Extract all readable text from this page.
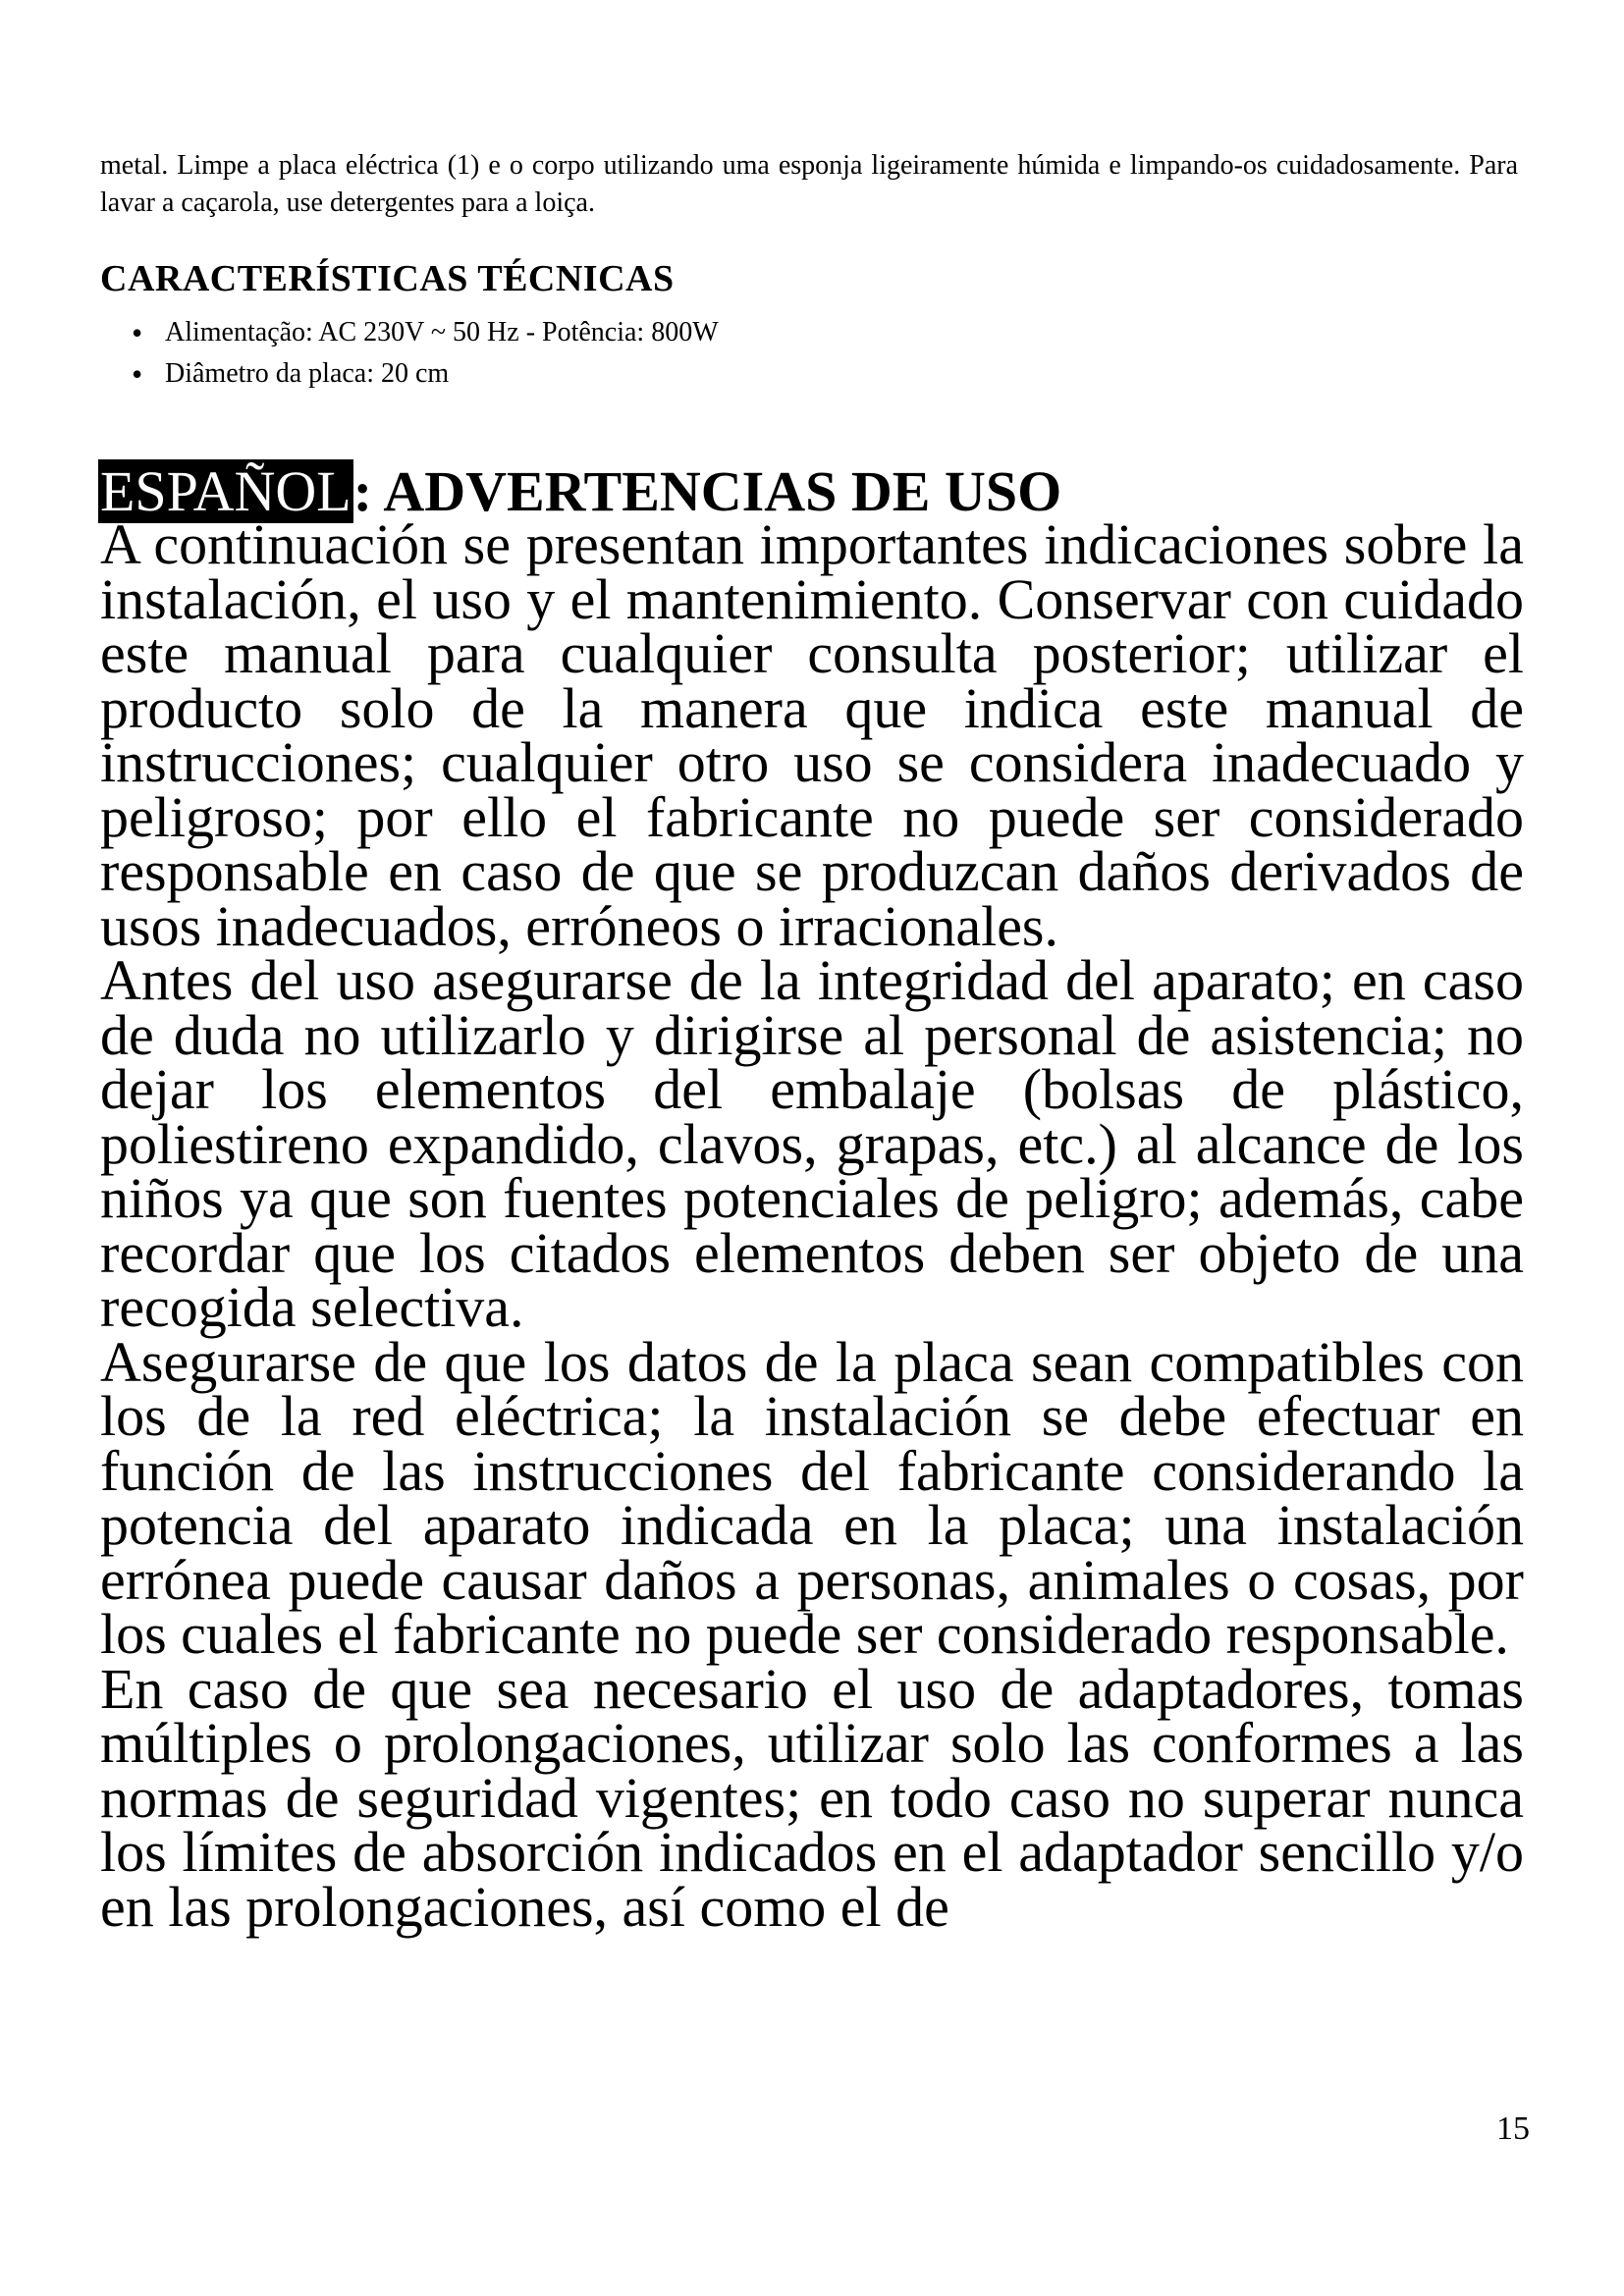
metal. Limpe a placa eléctrica (1) e o corpo utilizando uma esponja ligeiramente húmida e limpando-os cuidadosamente. Para lavar a caçarola, use detergentes para a loiça.

CARACTERÍSTICAS TÉCNICAS
• Alimentação: AC 230V ~ 50 Hz - Potência: 800W
• Diâmetro da placa: 20 cm
ESPAÑOL: ADVERTENCIAS DE USO

A continuación se presentan importantes indicaciones sobre la instalación, el uso y el mantenimiento. Conservar con cuidado este manual para cualquier consulta posterior; utilizar el producto solo de la manera que indica este manual de instrucciones; cualquier otro uso se considera inadecuado y peligroso; por ello el fabricante no puede ser considerado responsable en caso de que se produzcan daños derivados de usos inadecuados, erróneos o irracionales.

Antes del uso asegurarse de la integridad del aparato; en caso de duda no utilizarlo y dirigirse al personal de asistencia; no dejar los elementos del embalaje (bolsas de plástico, poliestireno expandido, clavos, grapas, etc.) al alcance de los niños ya que son fuentes potenciales de peligro; además, cabe recordar que los citados elementos deben ser objeto de una recogida selectiva.

Asegurarse de que los datos de la placa sean compatibles con los de la red eléctrica; la instalación se debe efectuar en función de las instrucciones del fabricante considerando la potencia del aparato indicada en la placa; una instalación errónea puede causar daños a personas, animales o cosas, por los cuales el fabricante no puede ser considerado responsable.

En caso de que sea necesario el uso de adaptadores, tomas múltiples o prolongaciones, utilizar solo las conformes a las normas de seguridad vigentes; en todo caso no superar nunca los límites de absorción indicados en el adaptador sencillo y/o en las prolongaciones, así como el de

15
